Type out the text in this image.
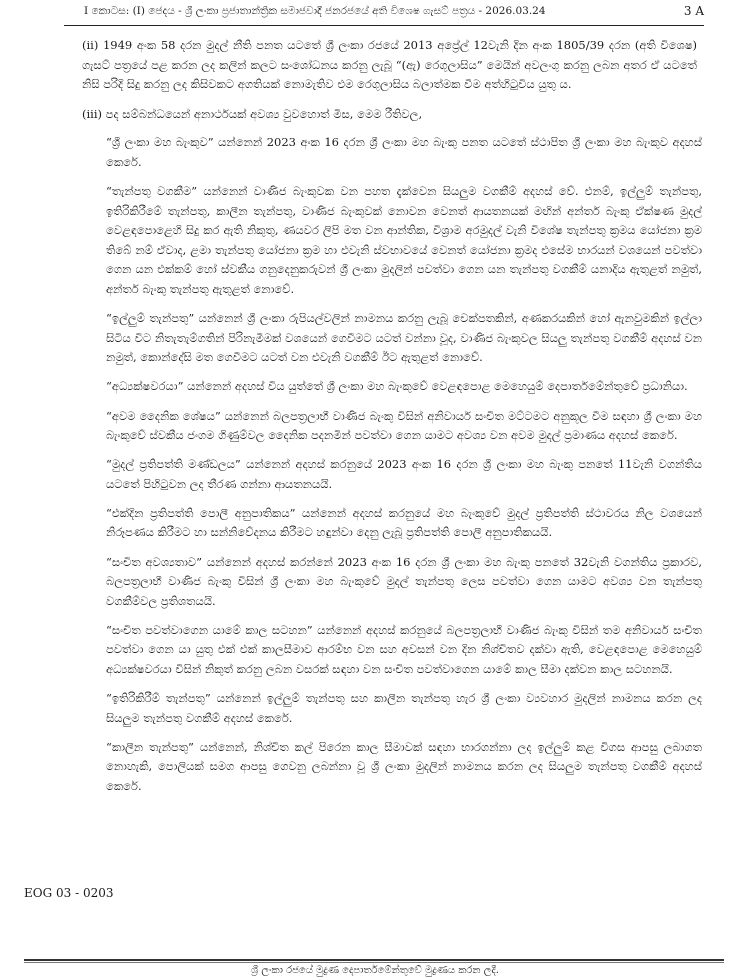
I කොටස: (I) ජෙදය - ශ්‍රී ලංකා ප්‍රජාතාන්ත්‍රික සමාජවාදී ජනරජයේ අති විශෙෂ ගැසට් පත්‍රය - 2026.03.24	3 A

(ii) 1949 අංක 58 දරන මුදල් නීති පනත යටතේ ශ්‍රී ලංකා රජයේ 2013 අප්‍රේල් 12වැනි දින අංක 1805/39 දරන (අති විශෙෂ) ගැසට් පත්‍රයේ පළ කරන ලද කලින් කලට සංශෝධනය කරනු ලැබූ “(ඇ) රෙගුලාසිය” මෙයින් අවලංගු කරනු ලබන අතර ඒ යටතේ නිසි පරිදි සිදු කරනු ලද කිසිවකට අගතියක් නොමැතිව එම රෙගුලාසිය බලාත්මක වීම අත්හිටුවිය යුතු ය.

(iii) පද සම්බන්ධයෙන් අනාර්ථයක් අවශ්‍ය වුවහොත් මිස, මෙම රීතිවල,

“ශ්‍රී ලංකා මහ බැංකුව” යන්නෙන් 2023 අංක 16 දරන ශ්‍රී ලංකා මහ බැංකු පනත යටතේ ස්ථාපිත ශ්‍රී ලංකා මහ බැංකුව අදහස් කෙරේ.

“තැන්පතු වගකීම” යන්නෙන් වාණිජ බැංකුවක වන පහත දැක්වෙන සියලුම වගකීම් අදහස් වේ. එනම්, ඉල්ලුම් තැන්පතු, ඉතිරිකිරීමේ තැන්පතු, කාලීන තැන්පතු, වාණිජ බැංකුවක් නොවන වෙනත් ආයතනයක් මඟින් අන්තර් බැංකු ඒක්ෂණ මුදල් වෙළඳපොළෙහි සිදු කර ඇති නිකුතු, ණයවර ලිපි මත වන ආන්තික, විශ්‍රාම අරමුදල් වැනි විශේෂ තැන්පතු ක්‍රමය යෝජනා ක්‍රම තිබේ නම් ඒවාද, ළමා තැන්පතු යෝජනා ක්‍රම හා එවැනි ස්වභාවයේ වෙනත් යෝජනා ක්‍රමද එසේම භාරයන් වශයෙන් පවත්වා ගෙන යන එක්කම් හෝ ස්වකීය ගනුදෙනුකරුවන් ශ්‍රී ලංකා මුදලින් පවත්වා ගෙන යන තැන්පතු වගකීම් යනාදිය ඇතුළත් නමුත්, අන්තර් බැංකු තැන්පතු ඇතුළත් නොවේ.

“ඉල්ලුම් තැන්පතු” යන්නෙන් ශ්‍රී ලංකා රුපියල්වලින් නාමනය කරනු ලැබූ චෙක්පතකින්, අණකරයකින් හෝ ඇනවුමකින් ඉල්ලා සිටිය විට නිතැතැම්ගතින් පිරිනැමීමක් වශයෙන් ගෙවීමට යටත් වන්නා වූද, වාණිජ බැංකුවල සියලු තැන්පතු වගකීම් අදහස් වන නමුත්, කොන්දේසි මත ගෙවීමට යටත් වන එවැනි වගකීම් ඊට ඇතුළත් නොවේ.

“අධ්‍යක්ෂවරයා” යන්නෙන් අදහස් විය යුත්තේ ශ්‍රී ලංකා මහ බැංකුවේ වෙළඳපොළ මෙහෙයුම් දෙපාර්තමේන්තුවේ ප්‍රධානියා.

“අවම දෛනික ශේෂය” යන්නෙන් බලපත්‍රලාභී වාණිජ බැංකු විසින් අනිවාර්ය සංචිත මට්ටමට අනුකූල වීම සඳහා ශ්‍රී ලංකා මහ බැංකුවේ ස්වකීය ජංගම ගිණුම්වල දෛනික පදනමින් පවත්වා ගෙන යාමට අවශ්‍ය වන අවම මුදල් ප්‍රමාණය අදහස් කෙරේ.

“මුදල් ප්‍රතිපත්ති මණ්ඩලය” යන්නෙන් අදහස් කරනුයේ 2023 අංක 16 දරන ශ්‍රී ලංකා මහ බැංකු පනතේ 11වැනි වගන්තිය යටතේ පිහිටුවන ලද තීරණ ගන්නා ආයතනයයි.

“එක්දින ප්‍රතිපත්ති පොලී අනුපාතිකය” යන්නෙන් අදහස් කරනුයේ මහ බැංකුවේ මුදල් ප්‍රතිපත්ති ස්ථාවරය නිල වශයෙන් නිරූපණය කිරීමට හා සන්නිවේදනය කිරීමට හඳුන්වා දෙනු ලැබූ ප්‍රතිපත්ති පොලී අනුපාතිකයයි.

“සංචිත අවශ්‍යතාව” යන්නෙන් අදහස් කරන්නේ 2023 අංක 16 දරන ශ්‍රී ලංකා මහ බැංකු පනතේ 32වැනි වගන්තිය ප්‍රකාරව, බලපත්‍රලාභී වාණිජ බැංකු විසින් ශ්‍රී ලංකා මහ බැංකුවේ මුදල් තැන්පතු ලෙස පවත්වා ගෙන යාමට අවශ්‍ය වන තැන්පතු වගකීම්වල ප්‍රතිශතයයි.

“සංචිත පවත්වාගෙන යාමේ කාල සටහන” යන්නෙන් අදහස් කරනුයේ බලපත්‍රලාභී වාණිජ බැංකු විසින් තම අනිවාර්ය සංචිත පවත්වා ගෙන යා යුතු එක් එක් කාලසීමාව ආරම්භ වන සහ අවසන් වන දින නිශ්චිතව දක්වා ඇති, වෙළඳපොළ මෙහෙයුම් අධ්‍යක්ෂවරයා විසින් නිකුත් කරනු ලබන වසරක් සඳහා වන සංචිත පවත්වාගෙන යාමේ කාල සීමා දක්වන කාල සටහනයි.

“ඉතිරිකිරීම් තැන්පතු” යන්නෙන් ඉල්ලුම් තැන්පතු සහ කාලීන තැන්පතු හැර ශ්‍රී ලංකා ව්‍යවහාර මුදලින් නාමනය කරන ලද සියලුම තැන්පතු වගකීම් අදහස් කෙරේ.

“කාලීන තැන්පතු” යන්නෙන්, නිශ්චිත කල් පිරෙන කාල සීමාවක් සඳහා භාරගන්නා ලද ඉල්ලුම් කළ විගස ආපසු ලබාගත නොහැකි, පොලියක් සමග ආපසු ගෙවනු ලබන්නා වූ ශ්‍රී ලංකා මුදලින් නාමනය කරන ලද සියලුම තැන්පතු වගකීම් අදහස් කෙරේ.

EOG 03 - 0203
ශ්‍රී ලංකා රජයේ මුද්‍රණ දෙපාර්තමේන්තුවේ මුද්‍රණය කරන ලදී.
